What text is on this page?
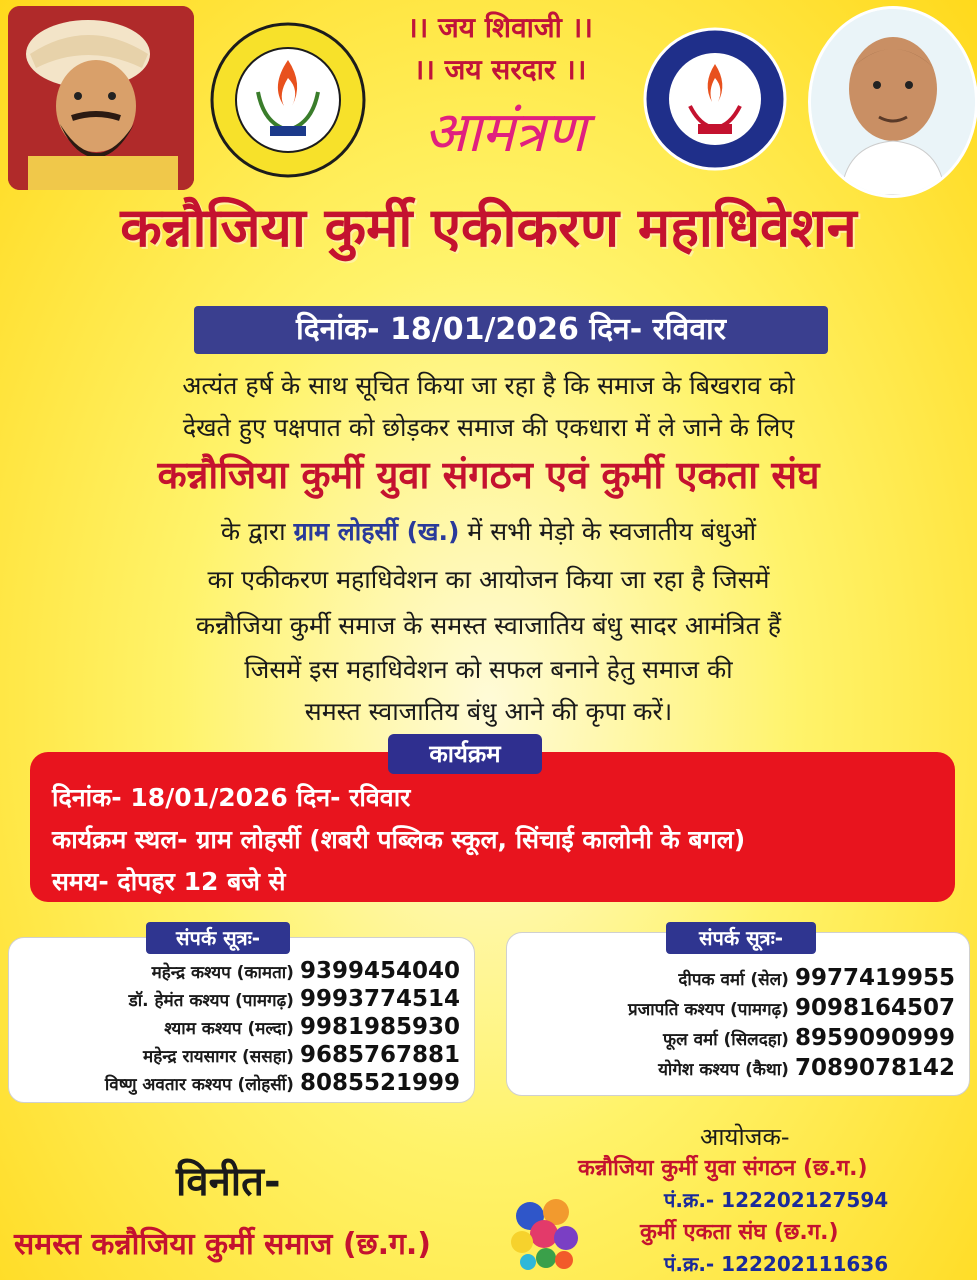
।। जय शिवाजी ।।
।। जय सरदार ।।
आमंत्रण
कन्नौजिया कुर्मी एकीकरण महाधिवेशन
दिनांक- 18/01/2026 दिन- रविवार
अत्यंत हर्ष के साथ सूचित किया जा रहा है कि समाज के बिखराव को
देखते हुए पक्षपात को छोड़कर समाज की एकधारा में ले जाने के लिए
कन्नौजिया कुर्मी युवा संगठन एवं कुर्मी एकता संघ
के द्वारा ग्राम लोहर्सी (ख.) में सभी मेड़ो के स्वजातीय बंधुओं
का एकीकरण महाधिवेशन का आयोजन किया जा रहा है जिसमें
कन्नौजिया कुर्मी समाज के समस्त स्वाजातिय बंधु सादर आमंत्रित हैं
जिसमें इस महाधिवेशन को सफल बनाने हेतु समाज की
समस्त स्वाजातिय बंधु आने की कृपा करें।
कार्यक्रम
दिनांक- 18/01/2026 दिन- रविवार
कार्यक्रम स्थल- ग्राम लोहर्सी (शबरी पब्लिक स्कूल, सिंचाई कालोनी के बगल)
समय- दोपहर 12 बजे से
महेन्द्र कश्यप (कामता) 9399454040
डॉ. हेमंत कश्यप (पामगढ़) 9993774514
श्याम कश्यप (मल्दा) 9981985930
महेन्द्र रायसागर (ससहा) 9685767881
विष्णु अवतार कश्यप (लोहर्सी) 8085521999
संपर्क सूत्रः-
दीपक वर्मा (सेल) 9977419955
प्रजापति कश्यप (पामगढ़) 9098164507
फूल वर्मा (सिलदहा) 8959090999
योगेश कश्यप (कैथा) 7089078142
संपर्क सूत्रः-
आयोजक-
कन्नौजिया कुर्मी युवा संगठन (छ.ग.)
पं.क्र.- 122202127594
कुर्मी एकता संघ (छ.ग.)
पं.क्र.- 122202111636
विनीत-
समस्त कन्नौजिया कुर्मी समाज (छ.ग.)
